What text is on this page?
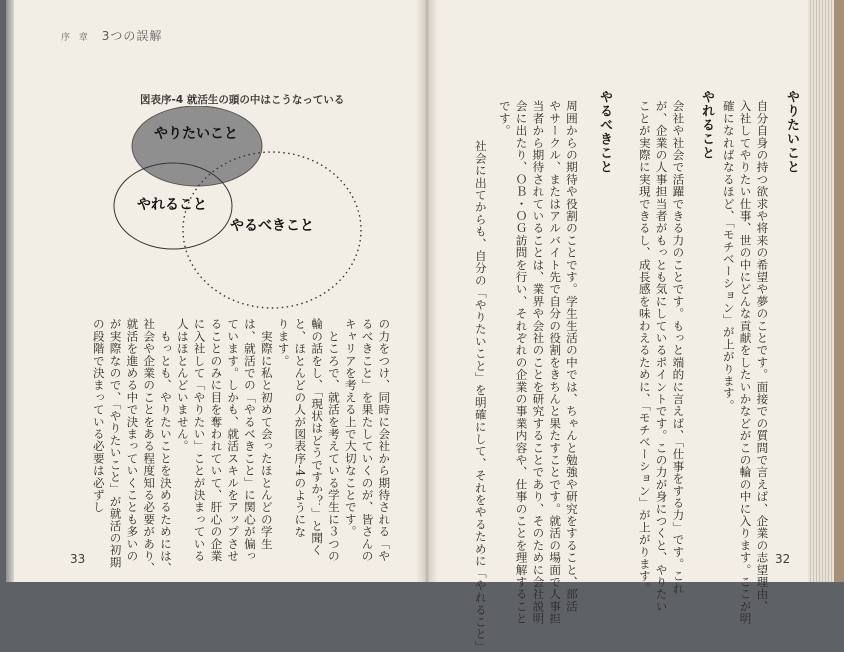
序 章 3つの誤解
図表序-4 就活生の頭の中はこうなっている
やりたいこと
やれること
やるべきこと
の力をつけ、同時に会社から期待される「や
るべきこと」を果たしていくのが、皆さんの
キャリアを考える上で大切なことです。
　ところで、就活を考えている学生に３つの
輪の話をし、「現状はどうですか？」と聞く
と、ほとんどの人が図表序-4のようにな
ります。
　実際に私と初めて会ったほとんどの学生
は、就活での「やるべきこと」に関心が偏っ
ています。しかも、就活スキルをアップさせ
ることのみに目を奪われていて、肝心の企業
に入社して「やりたい」ことが決まっている
人はほとんどいません。
　もっとも、やりたいことを決めるためには、
社会や企業のことをある程度知る必要があり、
就活を進める中で決まっていくことも多いの
が実際なので、「やりたいこと」が就活の初期
の段階で決まっている必要は必ずし
33
やりたいこと
自分自身の持つ欲求や将来の希望や夢のことです。面接での質問で言えば、企業の志望理由、
入社してやりたい仕事、世の中にどんな貢献をしたいかなどがこの輪の中に入ります。ここが明
確になればなるほど、「モチベーション」が上がります。
やれること
会社や社会で活躍できる力のことです。もっと端的に言えば、「仕事をする力」です。これ
が、企業の人事担当者がもっとも気にしているポイントです。この力が身につくと、やりたい
ことが実際に実現できるし、成長感を味わえるために、「モチベーション」が上がります。
やるべきこと
周囲からの期待や役割のことです。学生生活の中では、ちゃんと勉強や研究をすること、部活
やサークル、またはアルバイト先で自分の役割をきちんと果たすことです。就活の場面で人事担
当者から期待されていることは、業界や会社のことを研究することであり、そのために会社説明
会に出たり、ＯＢ・ＯＧ訪問を行い、それぞれの企業の事業内容や、仕事のことを理解すること
です。
社会に出てからも、自分の「やりたいこと」を明確にして、それをやるために「やれること」	32
